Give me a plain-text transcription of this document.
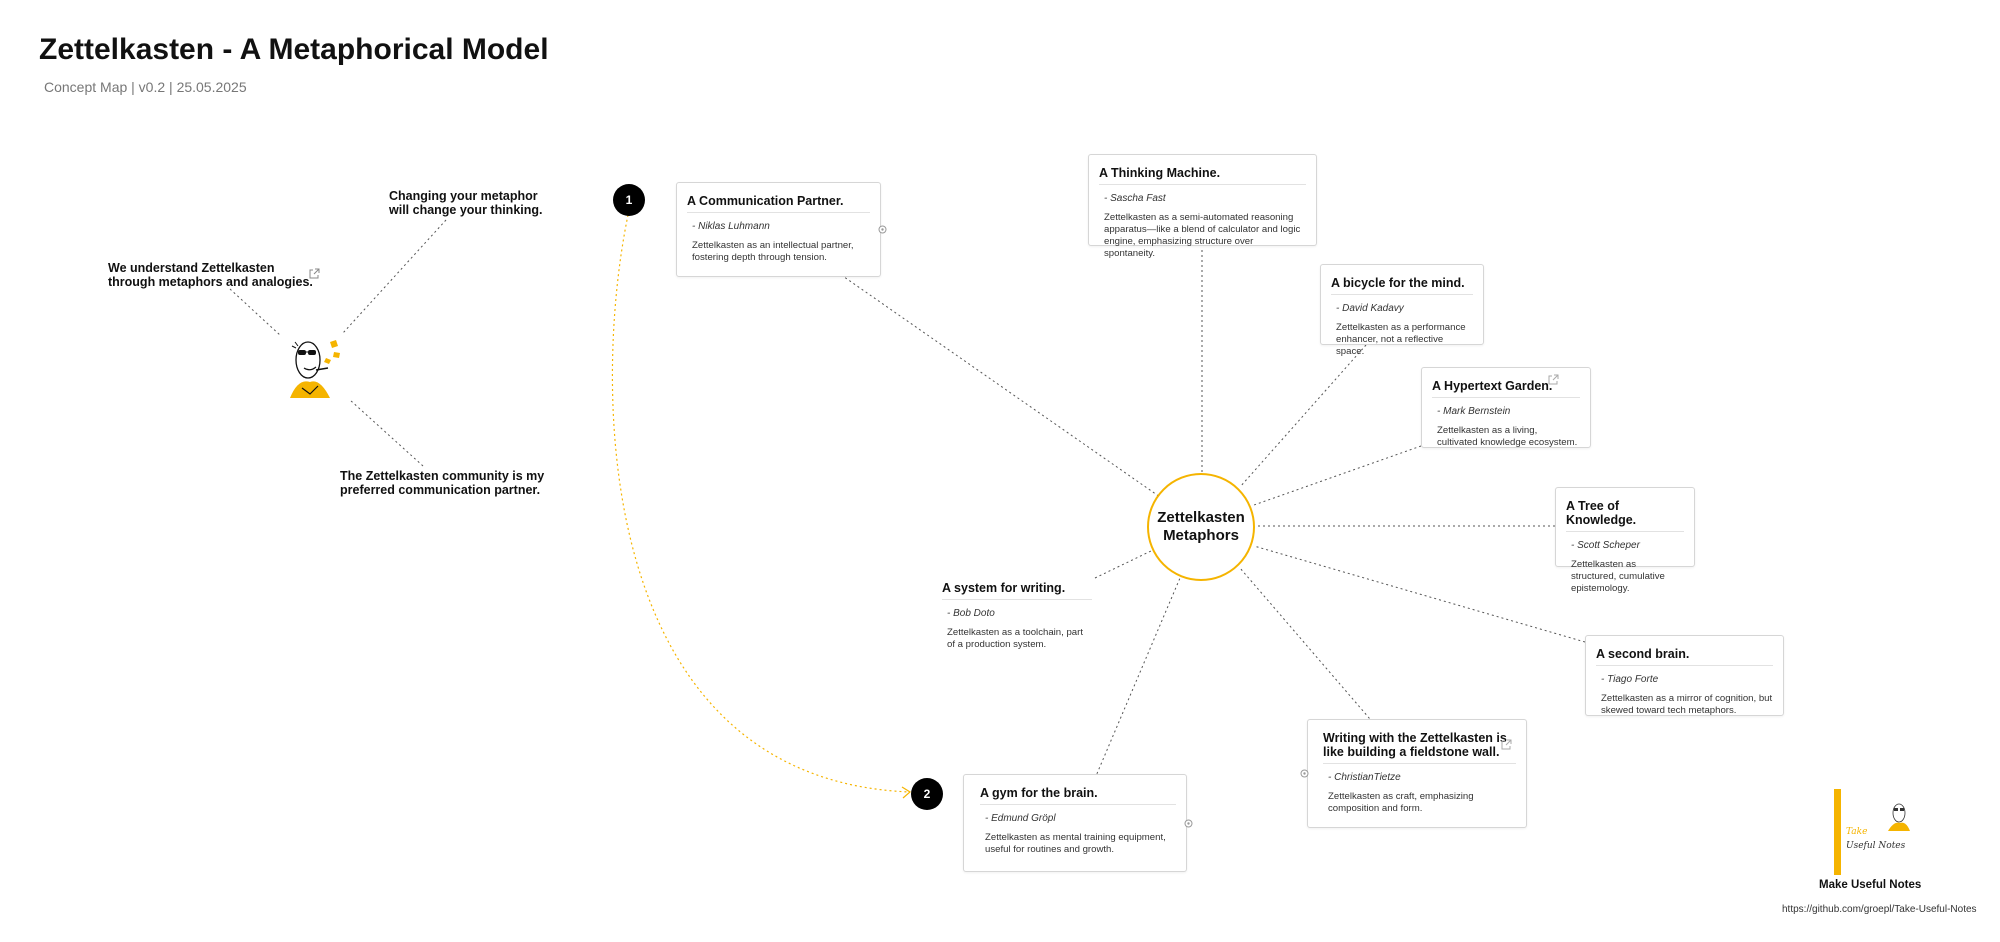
Zettelkasten - A Metaphorical Model
Concept Map | v0.2 | 25.05.2025
We understand Zettelkasten
through metaphors and analogies.
Changing your metaphor
will change your thinking.
The Zettelkasten community is my
preferred communication partner.
1
2
Zettelkasten
Metaphors
A Communication Partner.
- Niklas Luhmann
Zettelkasten as an intellectual partner, fostering depth through tension.
A Thinking Machine.
- Sascha Fast
Zettelkasten as a semi-automated reasoning apparatus—like a blend of calculator and logic engine, emphasizing structure over spontaneity.
A bicycle for the mind.
- David Kadavy
Zettelkasten as a performance enhancer, not a reflective space.
A Hypertext Garden.
- Mark Bernstein
Zettelkasten as a living, cultivated knowledge ecosystem.
A Tree of Knowledge.
- Scott Scheper
Zettelkasten as structured, cumulative epistemology.
A second brain.
- Tiago Forte
Zettelkasten as a mirror of cognition, but skewed toward tech metaphors.
Writing with the Zettelkasten is
like building a fieldstone wall.
- ChristianTietze
Zettelkasten as craft, emphasizing composition and form.
A gym for the brain.
- Edmund Gröpl
Zettelkasten as mental training equipment, useful for routines and growth.
A system for writing.
- Bob Doto
Zettelkasten as a toolchain, part of a production system.
Take
Useful Notes
Make Useful Notes
https://github.com/groepl/Take-Useful-Notes
